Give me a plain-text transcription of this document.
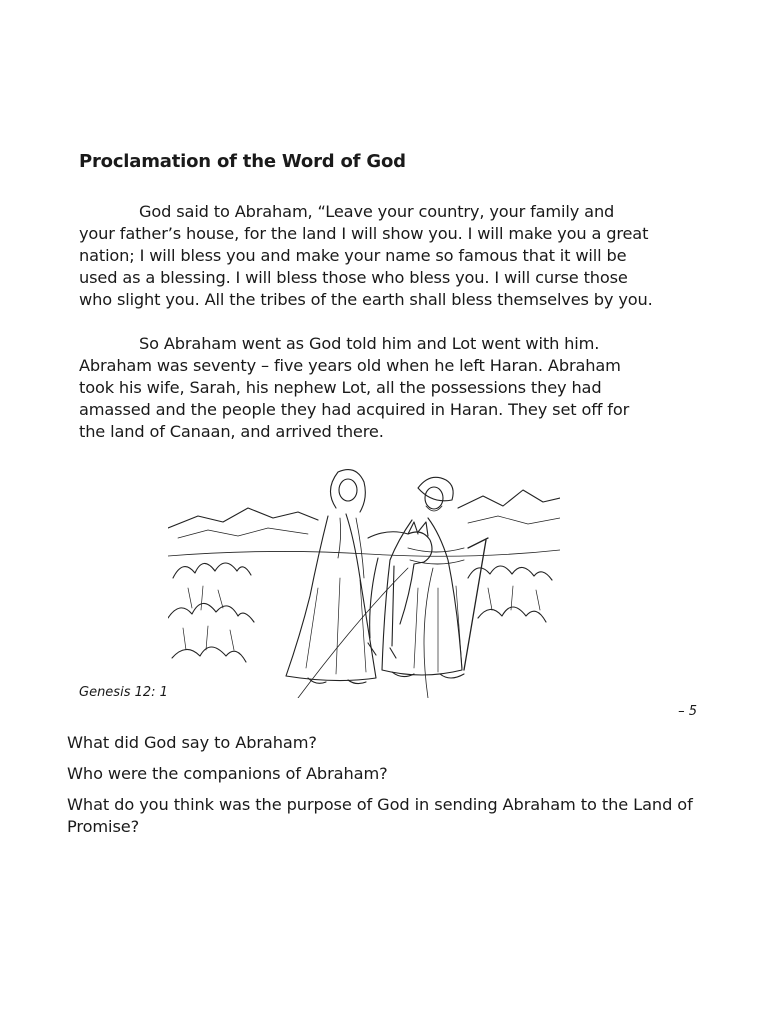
Proclamation of the Word of God
God said to Abraham, “Leave your country, your family and
your father’s house, for the land I will show you. I will make you a great
nation; I will bless you and make your name so famous that it will be
used as a blessing. I will bless those who bless you. I will curse those
who slight you. All the tribes of the earth shall bless themselves by you.
So Abraham went as God told him and Lot went with him.
Abraham was seventy – five years old when he left Haran. Abraham
took his wife, Sarah, his nephew Lot, all the possessions they had
amassed and the people they had acquired in Haran. They set off for
the land of Canaan, and arrived there.
Genesis 12: 1
– 5
What did God say to Abraham?
Who were the companions of Abraham?
What do you think was the purpose of God in sending Abraham to the Land of Promise?
